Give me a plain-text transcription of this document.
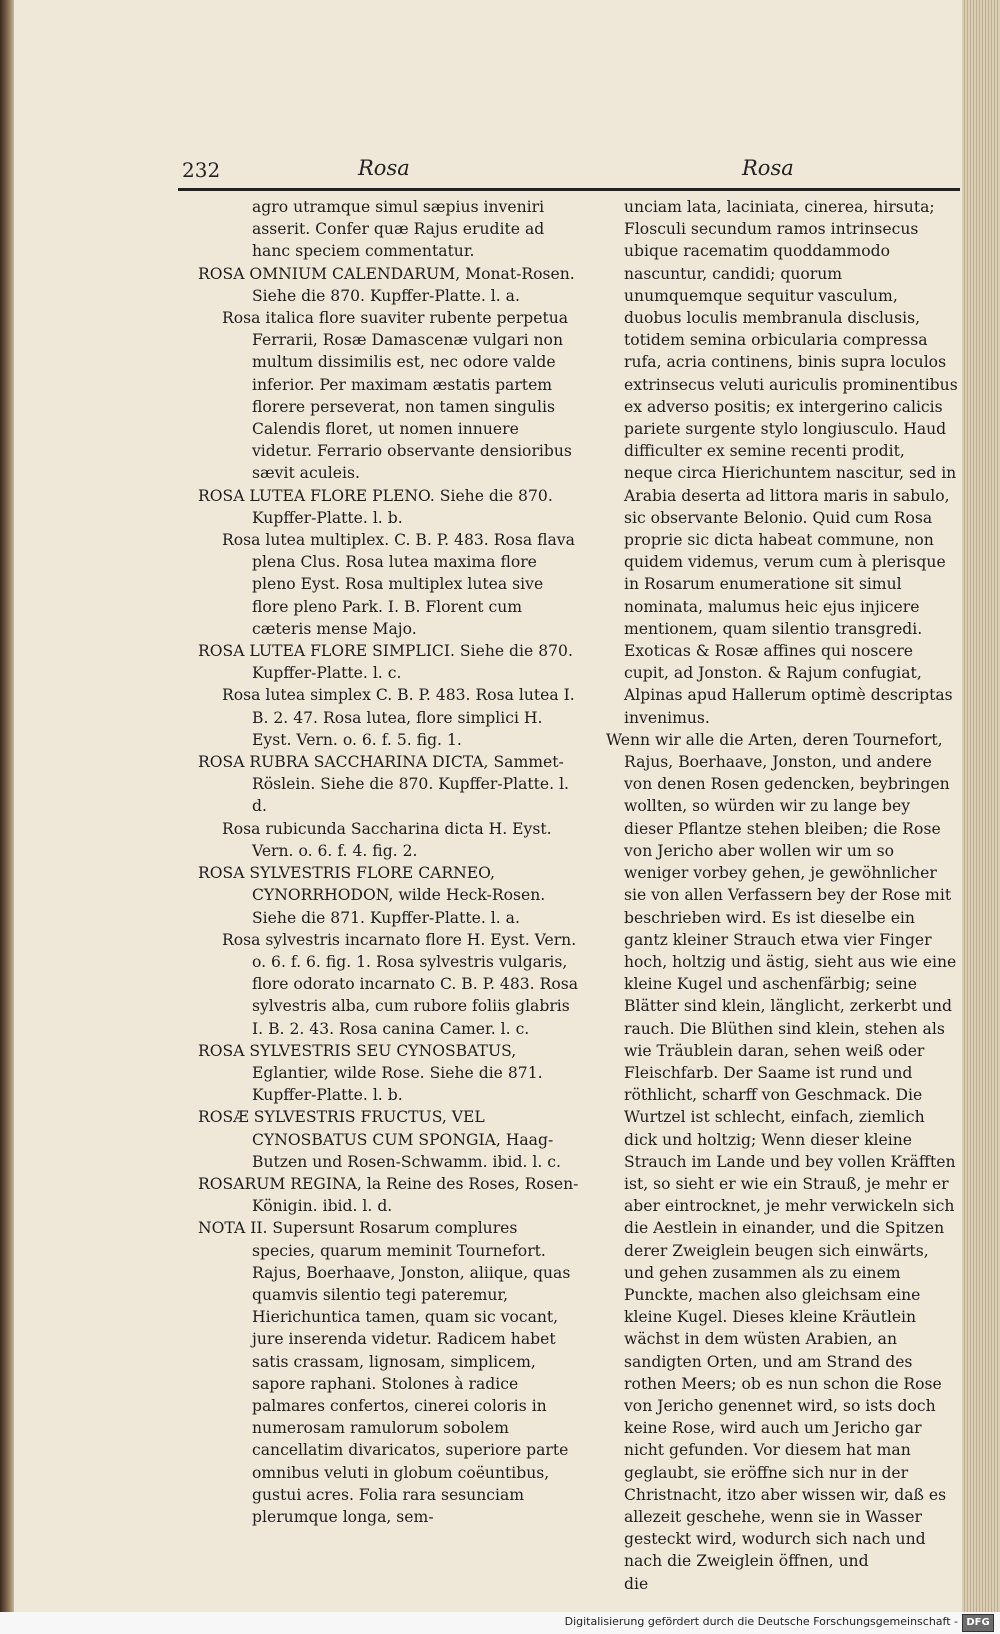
232	Rosa	Rosa

agro utramque simul sæpius inveniri asserit. Confer quæ Rajus erudite ad hanc speciem commentatur.

ROSA OMNIUM CALENDARUM, Monat-Rosen. Siehe die 870. Kupffer-Platte. l. a.

Rosa italica flore suaviter rubente perpetua Ferrarii, Rosæ Damascenæ vulgari non multum dissimilis est, nec odore valde inferior. Per maximam æstatis partem florere perseverat, non tamen singulis Calendis floret, ut nomen innuere videtur. Ferrario observante densioribus sævit aculeis.

ROSA LUTEA FLORE PLENO. Siehe die 870. Kupffer-Platte. l. b.

Rosa lutea multiplex. C. B. P. 483. Rosa flava plena Clus. Rosa lutea maxima flore pleno Eyst. Rosa multiplex lutea sive flore pleno Park. I. B. Florent cum cæteris mense Majo.

ROSA LUTEA FLORE SIMPLICI. Siehe die 870. Kupffer-Platte. l. c.

Rosa lutea simplex C. B. P. 483. Rosa lutea I. B. 2. 47. Rosa lutea, flore simplici H. Eyst. Vern. o. 6. f. 5. fig. 1.

ROSA RUBRA SACCHARINA DICTA, Sammet-Röslein. Siehe die 870. Kupffer-Platte. l. d.

Rosa rubicunda Saccharina dicta H. Eyst. Vern. o. 6. f. 4. fig. 2.

ROSA SYLVESTRIS FLORE CARNEO, CYNORRHODON, wilde Heck-Rosen. Siehe die 871. Kupffer-Platte. l. a.

Rosa sylvestris incarnato flore H. Eyst. Vern. o. 6. f. 6. fig. 1. Rosa sylvestris vulgaris, flore odorato incarnato C. B. P. 483. Rosa sylvestris alba, cum rubore foliis glabris I. B. 2. 43. Rosa canina Camer. l. c.

ROSA SYLVESTRIS SEU CYNOSBATUS, Eglantier, wilde Rose. Siehe die 871. Kupffer-Platte. l. b.

ROSÆ SYLVESTRIS FRUCTUS, VEL CYNOSBATUS CUM SPONGIA, Haag-Butzen und Rosen-Schwamm. ibid. l. c.

ROSARUM REGINA, la Reine des Roses, Rosen-Königin. ibid. l. d.

NOTA II. Supersunt Rosarum complures species, quarum meminit Tournefort. Rajus, Boerhaave, Jonston, aliique, quas quamvis silentio tegi pateremur, Hierichuntica tamen, quam sic vocant, jure inserenda videtur. Radicem habet satis crassam, lignosam, simplicem, sapore raphani. Stolones à radice palmares confertos, cinerei coloris in numerosam ramulorum sobolem cancellatim divaricatos, superiore parte omnibus veluti in globum coëuntibus, gustui acres. Folia rara sesunciam plerumque longa, sem-

unciam lata, laciniata, cinerea, hirsuta; Flosculi secundum ramos intrinsecus ubique racematim quoddammodo nascuntur, candidi; quorum unumquemque sequitur vasculum, duobus loculis membranula disclusis, totidem semina orbicularia compressa rufa, acria continens, binis supra loculos extrinsecus veluti auriculis prominentibus ex adverso positis; ex intergerino calicis pariete surgente stylo longiusculo. Haud difficulter ex semine recenti prodit, neque circa Hierichuntem nascitur, sed in Arabia deserta ad littora maris in sabulo, sic observante Belonio. Quid cum Rosa proprie sic dicta habeat commune, non quidem videmus, verum cum à plerisque in Rosarum enumeratione sit simul nominata, malumus heic ejus injicere mentionem, quam silentio transgredi. Exoticas & Rosæ affines qui noscere cupit, ad Jonston. & Rajum confugiat, Alpinas apud Hallerum optimè descriptas invenimus.

Wenn wir alle die Arten, deren Tournefort, Rajus, Boerhaave, Jonston, und andere von denen Rosen gedencken, beybringen wollten, so würden wir zu lange bey dieser Pflantze stehen bleiben; die Rose von Jericho aber wollen wir um so weniger vorbey gehen, je gewöhnlicher sie von allen Verfassern bey der Rose mit beschrieben wird. Es ist dieselbe ein gantz kleiner Strauch etwa vier Finger hoch, holtzig und ästig, sieht aus wie eine kleine Kugel und aschenfärbig; seine Blätter sind klein, länglicht, zerkerbt und rauch. Die Blüthen sind klein, stehen als wie Träublein daran, sehen weiß oder Fleischfarb. Der Saame ist rund und röthlicht, scharff von Geschmack. Die Wurtzel ist schlecht, einfach, ziemlich dick und holtzig; Wenn dieser kleine Strauch im Lande und bey vollen Kräfften ist, so sieht er wie ein Strauß, je mehr er aber eintrocknet, je mehr verwickeln sich die Aestlein in einander, und die Spitzen derer Zweiglein beugen sich einwärts, und gehen zusammen als zu einem Punckte, machen also gleichsam eine kleine Kugel. Dieses kleine Kräutlein wächst in dem wüsten Arabien, an sandigten Orten, und am Strand des rothen Meers; ob es nun schon die Rose von Jericho genennet wird, so ists doch keine Rose, wird auch um Jericho gar nicht gefunden. Vor diesem hat man geglaubt, sie eröffne sich nur in der Christnacht, itzo aber wissen wir, daß es allezeit geschehe, wenn sie in Wasser gesteckt wird, wodurch sich nach und nach die Zweiglein öffnen, und

die

Digitalisierung gefördert durch die Deutsche Forschungsgemeinschaft - DFG
